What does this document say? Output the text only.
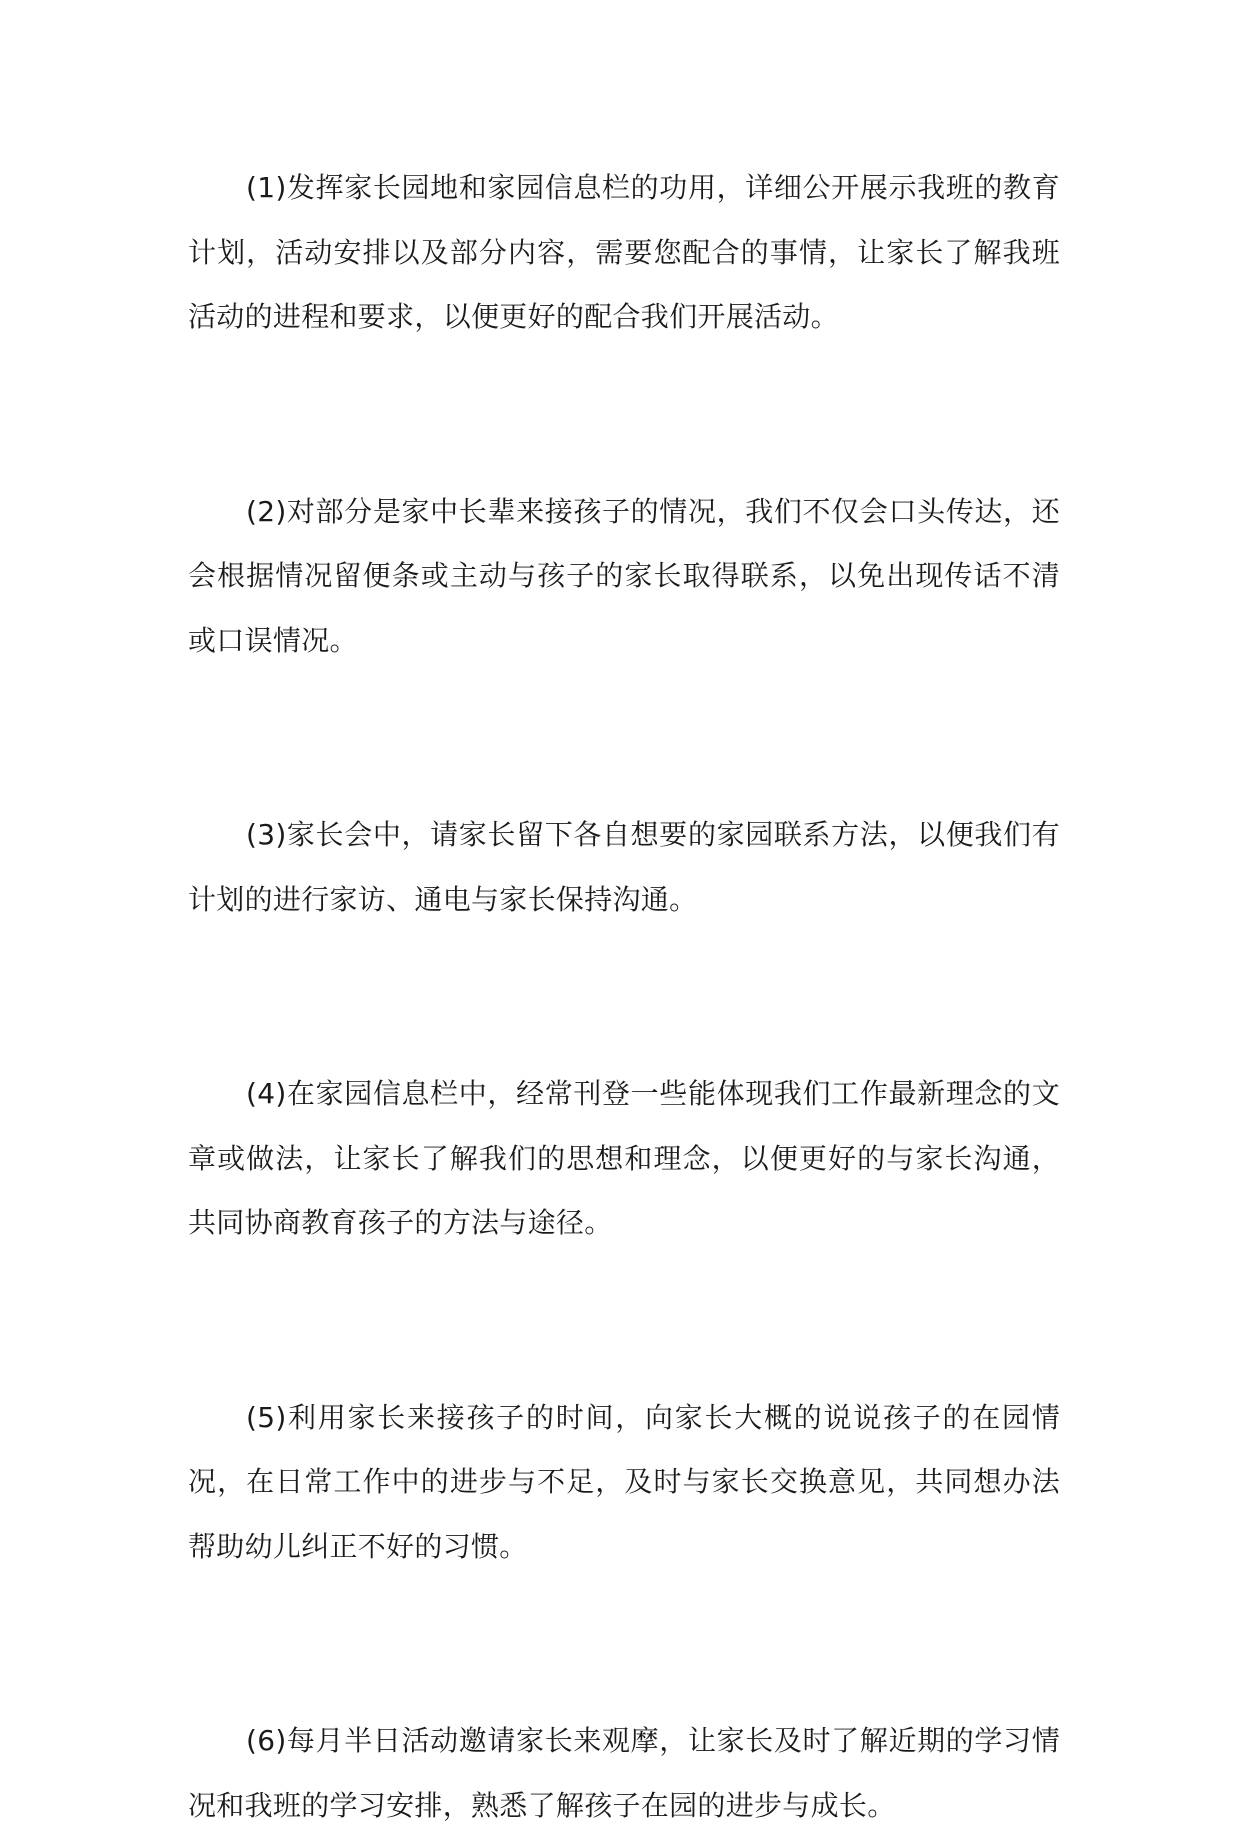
(1)发挥家长园地和家园信息栏的功用，详细公开展示我班的教育计划，活动安排以及部分内容，需要您配合的事情，让家长了解我班活动的进程和要求，以便更好的配合我们开展活动。

(2)对部分是家中长辈来接孩子的情况，我们不仅会口头传达，还会根据情况留便条或主动与孩子的家长取得联系，以免出现传话不清或口误情况。

(3)家长会中，请家长留下各自想要的家园联系方法，以便我们有计划的进行家访、通电与家长保持沟通。

(4)在家园信息栏中，经常刊登一些能体现我们工作最新理念的文章或做法，让家长了解我们的思想和理念，以便更好的与家长沟通，共同协商教育孩子的方法与途径。

(5)利用家长来接孩子的时间，向家长大概的说说孩子的在园情况，在日常工作中的进步与不足，及时与家长交换意见，共同想办法帮助幼儿纠正不好的习惯。

(6)每月半日活动邀请家长来观摩，让家长及时了解近期的学习情况和我班的学习安排，熟悉了解孩子在园的进步与成长。
